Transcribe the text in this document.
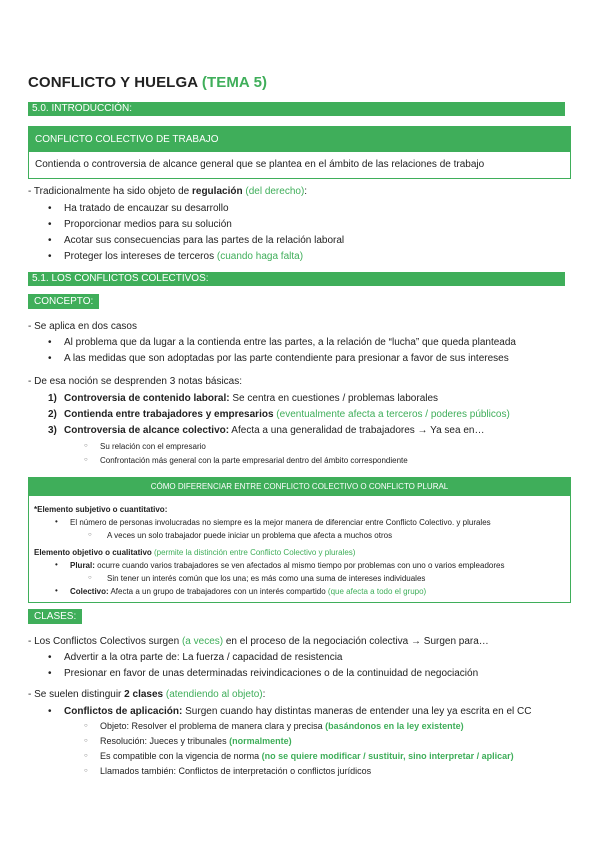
CONFLICTO Y HUELGA (TEMA 5)
5.0. INTRODUCCIÓN:
CONFLICTO COLECTIVO DE TRABAJO
Contienda o controversia de alcance general que se plantea en el ámbito de las relaciones de trabajo
- Tradicionalmente ha sido objeto de regulación (del derecho):
• Ha tratado de encauzar su desarrollo
• Proporcionar medios para su solución
• Acotar sus consecuencias para las partes de la relación laboral
• Proteger los intereses de terceros (cuando haga falta)
5.1. LOS CONFLICTOS COLECTIVOS:
CONCEPTO:
- Se aplica en dos casos
• Al problema que da lugar a la contienda entre las partes, a la relación de “lucha” que queda planteada
• A las medidas que son adoptadas por las parte contendiente para presionar a favor de sus intereses
- De esa noción se desprenden 3 notas básicas:
1) Controversia de contenido laboral: Se centra en cuestiones / problemas laborales
2) Contienda entre trabajadores y empresarios (eventualmente afecta a terceros / poderes públicos)
3) Controversia de alcance colectivo: Afecta a una generalidad de trabajadores → Ya sea en…
○ Su relación con el empresario
○ Confrontación más general con la parte empresarial dentro del ámbito correspondiente
CÓMO DIFERENCIAR ENTRE CONFLICTO COLECTIVO O CONFLICTO PLURAL
*Elemento subjetivo o cuantitativo:
• El número de personas involucradas no siempre es la mejor manera de diferenciar entre Conflicto Colectivo. y plurales
○ A veces un solo trabajador puede iniciar un problema que afecta a muchos otros
Elemento objetivo o cualitativo (permite la distinción entre Conflicto Colectivo y plurales)
• Plural: ocurre cuando varios trabajadores se ven afectados al mismo tiempo por problemas con uno o varios empleadores
○ Sin tener un interés común que los una; es más como una suma de intereses individuales
• Colectivo: Afecta a un grupo de trabajadores con un interés compartido (que afecta a todo el grupo)
CLASES:
- Los Conflictos Colectivos surgen (a veces) en el proceso de la negociación colectiva → Surgen para…
• Advertir a la otra parte de: La fuerza / capacidad de resistencia
• Presionar en favor de unas determinadas reivindicaciones o de la continuidad de negociación
- Se suelen distinguir 2 clases (atendiendo al objeto):
• Conflictos de aplicación: Surgen cuando hay distintas maneras de entender una ley ya escrita en el CC
○ Objeto: Resolver el problema de manera clara y precisa (basándonos en la ley existente)
○ Resolución: Jueces y tribunales (normalmente)
○ Es compatible con la vigencia de norma (no se quiere modificar / sustituir, sino interpretar / aplicar)
○ Llamados también: Conflictos de interpretación o conflictos jurídicos
